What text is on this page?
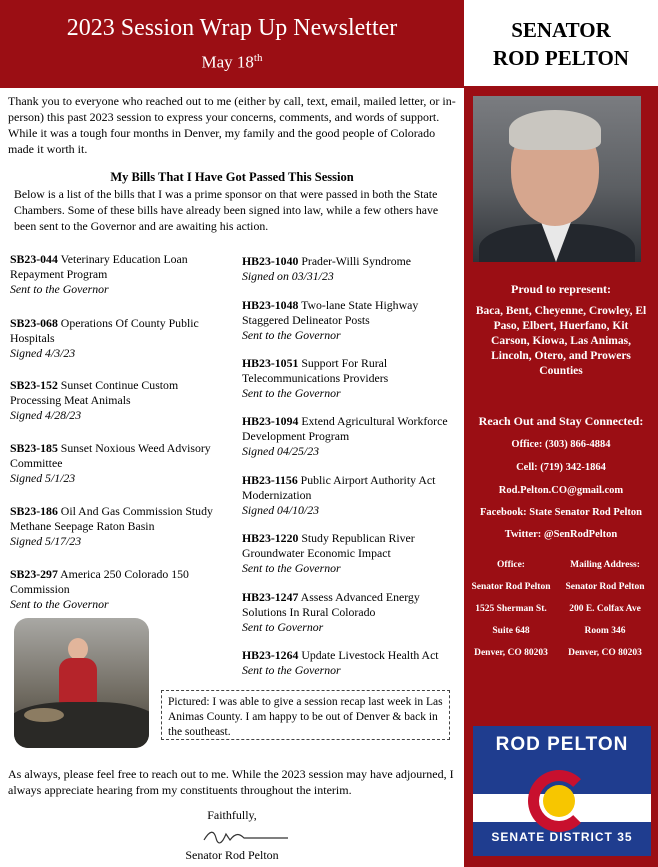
2023 Session Wrap Up Newsletter
May 18th
SENATOR
ROD PELTON
Proud to represent:
Baca, Bent, Cheyenne, Crowley, El Paso, Elbert, Huerfano, Kit Carson, Kiowa, Las Animas, Lincoln, Otero, and Prowers Counties
Reach Out and Stay Connected:
Office: (303) 866-4884
Cell: (719) 342-1864
Rod.Pelton.CO@gmail.com
Facebook: State Senator Rod Pelton
Twitter: @SenRodPelton
Office:
Senator Rod Pelton
1525 Sherman St.
Suite 648
Denver, CO 80203
Mailing Address:
Senator Rod Pelton
200 E. Colfax Ave
Room 346
Denver, CO 80203
ROD PELTON
SENATE DISTRICT 35
Thank you to everyone who reached out to me (either by call, text, email, mailed letter, or in-person) this past 2023 session to express your concerns, comments, and words of support. While it was a tough four months in Denver, my family and the good people of Colorado made it worth it.
My Bills That I Have Got Passed This Session
Below is a list of the bills that I was a prime sponsor on that were passed in both the State Chambers. Some of these bills have already been signed into law, while a few others have been sent to the Governor and are awaiting his action.
SB23-044 Veterinary Education Loan Repayment Program
Sent to the Governor
SB23-068 Operations Of County Public Hospitals
Signed 4/3/23
SB23-152 Sunset Continue Custom Processing Meat Animals
Signed 4/28/23
SB23-185 Sunset Noxious Weed Advisory Committee
Signed 5/1/23
SB23-186 Oil And Gas Commission Study Methane Seepage Raton Basin
Signed 5/17/23
SB23-297 America 250 Colorado 150 Commission
Sent to the Governor
HB23-1040 Prader-Willi Syndrome
Signed on 03/31/23
HB23-1048 Two-lane State Highway Staggered Delineator Posts
Sent to the Governor
HB23-1051 Support For Rural Telecommunications Providers
Sent to the Governor
HB23-1094 Extend Agricultural Workforce Development Program
Signed 04/25/23
HB23-1156 Public Airport Authority Act Modernization
Signed 04/10/23
HB23-1220 Study Republican River Groundwater Economic Impact
Sent to the Governor
HB23-1247 Assess Advanced Energy Solutions In Rural Colorado
Sent to Governor
HB23-1264 Update Livestock Health Act
Sent to the Governor
Pictured: I was able to give a session recap last week in Las Animas County. I am happy to be out of Denver & back in the southeast.
As always, please feel free to reach out to me. While the 2023 session may have adjourned, I always appreciate hearing from my constituents throughout the interim.
Faithfully,
Senator Rod Pelton
